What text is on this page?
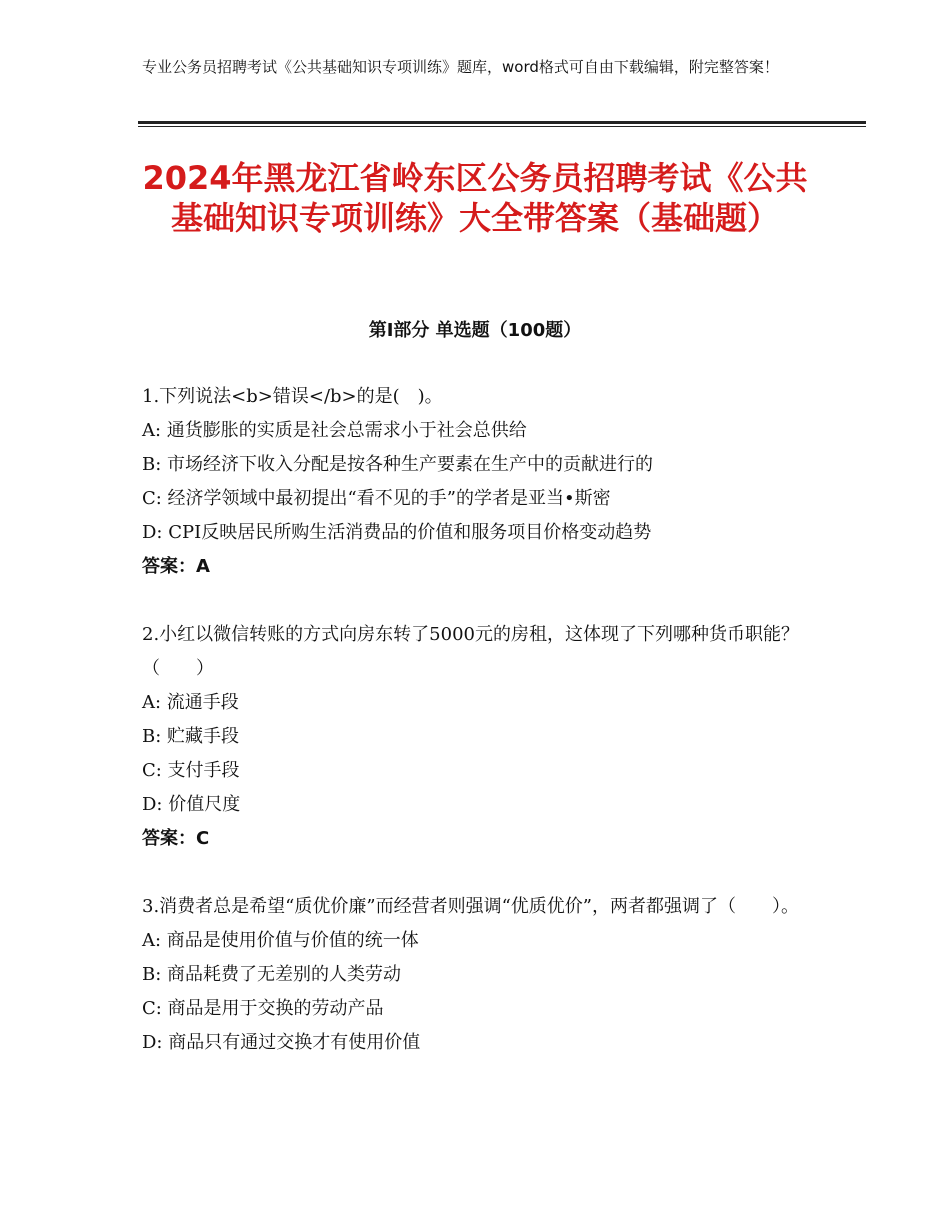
专业公务员招聘考试《公共基础知识专项训练》题库，word格式可自由下载编辑，附完整答案！
2024年黑龙江省岭东区公务员招聘考试《公共基础知识专项训练》大全带答案（基础题）
第I部分 单选题（100题）

1.下列说法<b>错误</b>的是(　)。

A: 通货膨胀的实质是社会总需求小于社会总供给

B: 市场经济下收入分配是按各种生产要素在生产中的贡献进行的

C: 经济学领域中最初提出“看不见的手”的学者是亚当•斯密

D: CPI反映居民所购生活消费品的价值和服务项目价格变动趋势

答案：A

2.小红以微信转账的方式向房东转了5000元的房租，这体现了下列哪种货币职能？（　　）

A: 流通手段

B: 贮藏手段

C: 支付手段

D: 价值尺度

答案：C

3.消费者总是希望“质优价廉”而经营者则强调“优质优价”，两者都强调了（　　）。

A: 商品是使用价值与价值的统一体

B: 商品耗费了无差别的人类劳动

C: 商品是用于交换的劳动产品

D: 商品只有通过交换才有使用价值
